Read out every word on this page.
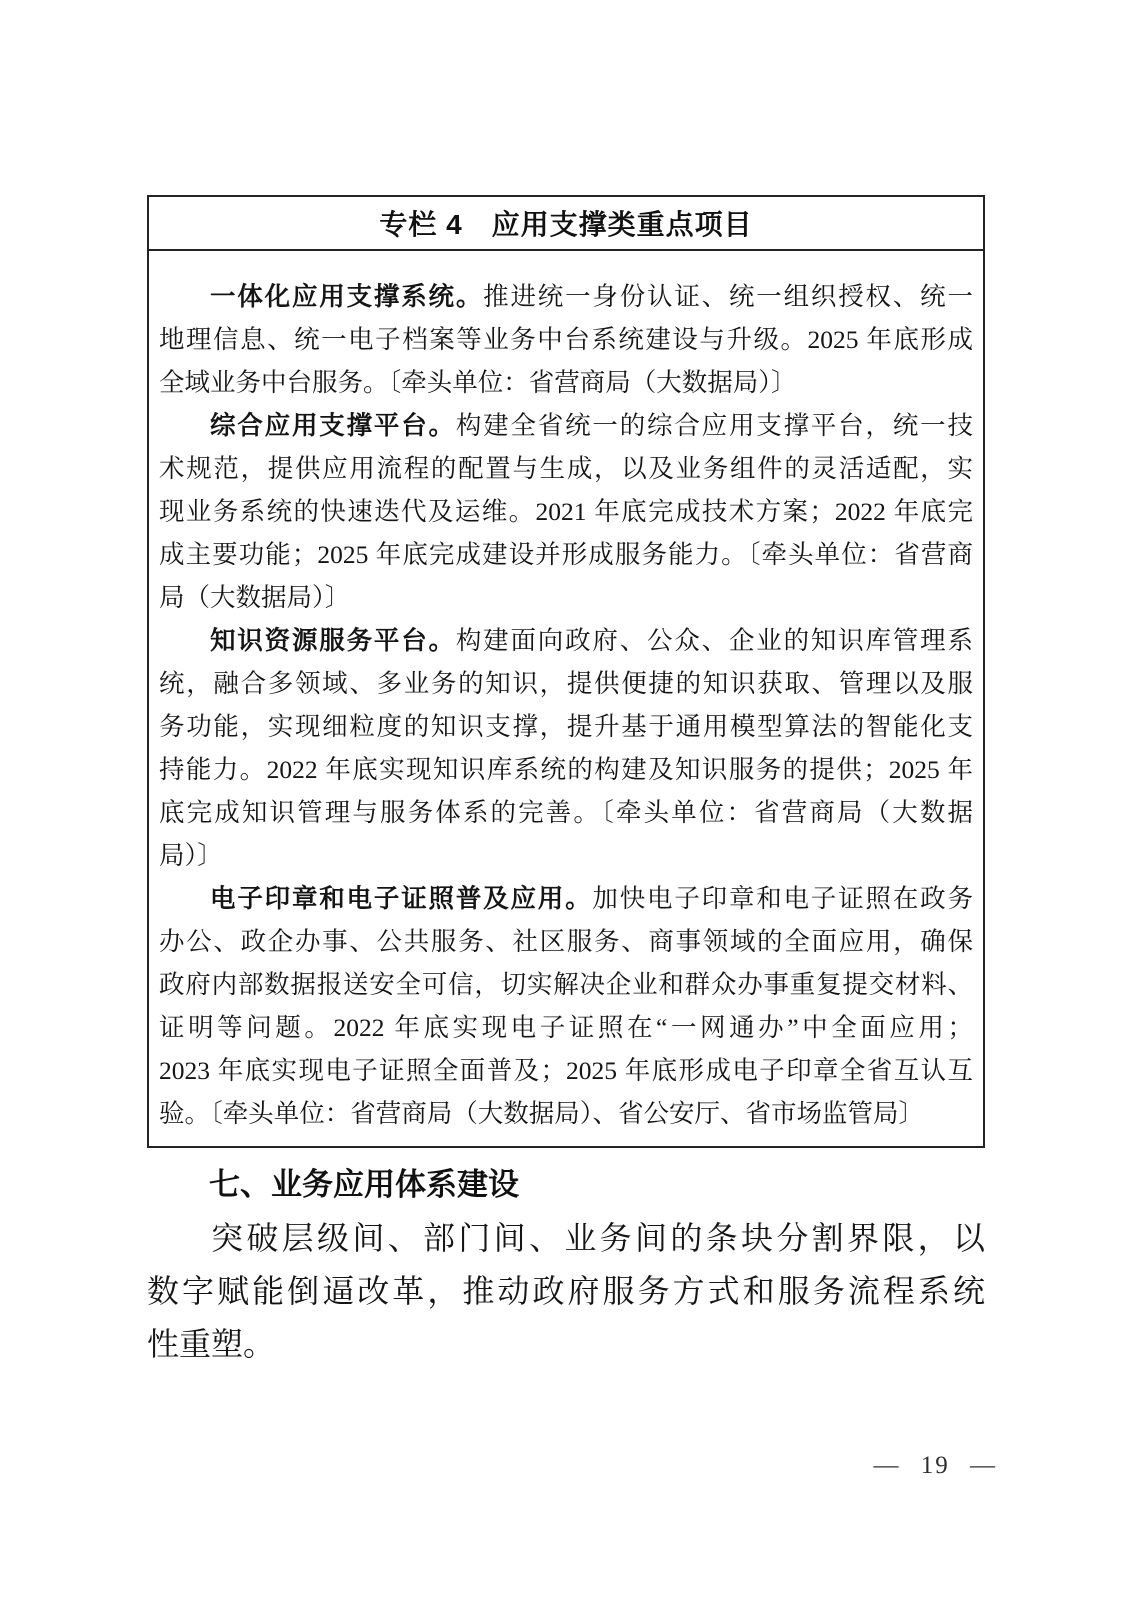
专栏 4　应用支撑类重点项目
一体化应用支撑系统。推进统一身份认证、统一组织授权、统一
地理信息、统一电子档案等业务中台系统建设与升级。2025 年底形成
全域业务中台服务。〔牵头单位：省营商局（大数据局）〕
综合应用支撑平台。构建全省统一的综合应用支撑平台，统一技
术规范，提供应用流程的配置与生成，以及业务组件的灵活适配，实
现业务系统的快速迭代及运维。2021 年底完成技术方案；2022 年底完
成主要功能；2025 年底完成建设并形成服务能力。〔牵头单位：省营商
局（大数据局）〕
知识资源服务平台。构建面向政府、公众、企业的知识库管理系
统，融合多领域、多业务的知识，提供便捷的知识获取、管理以及服
务功能，实现细粒度的知识支撑，提升基于通用模型算法的智能化支
持能力。2022 年底实现知识库系统的构建及知识服务的提供；2025 年
底完成知识管理与服务体系的完善。〔牵头单位：省营商局（大数据
局）〕
电子印章和电子证照普及应用。加快电子印章和电子证照在政务
办公、政企办事、公共服务、社区服务、商事领域的全面应用，确保
政府内部数据报送安全可信，切实解决企业和群众办事重复提交材料、
证明等问题。2022 年底实现电子证照在“一网通办”中全面应用；
2023 年底实现电子证照全面普及；2025 年底形成电子印章全省互认互
验。〔牵头单位：省营商局（大数据局）、省公安厅、省市场监管局〕
七、业务应用体系建设
突破层级间、部门间、业务间的条块分割界限，以
数字赋能倒逼改革，推动政府服务方式和服务流程系统
性重塑。

— 19 —
